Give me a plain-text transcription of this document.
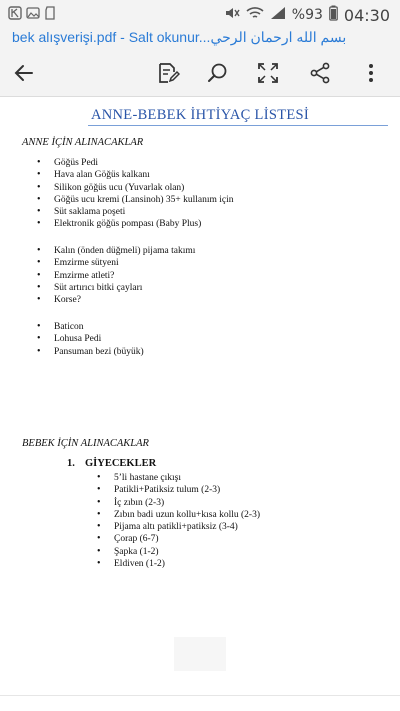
%93 04:30
bek alışverişi.pdf - Salt okunur...بسم الله ارحمان الرحي
ANNE-BEBEK İHTİYAÇ LİSTESİ
ANNE İÇİN ALINACAKLAR
• Göğüs Pedi
• Hava alan Göğüs kalkanı
• Silikon göğüs ucu (Yuvarlak olan)
• Göğüs ucu kremi (Lansinoh) 35+ kullanım için
• Süt saklama poşeti
• Elektronik göğüs pompası (Baby Plus)
• Kalın (önden düğmeli) pijama takımı
• Emzirme sütyeni
• Emzirme atleti?
• Süt artırıcı bitki çayları
• Korse?
• Baticon
• Lohusa Pedi
• Pansuman bezi (büyük)
BEBEK İÇİN ALINACAKLAR
1. GİYECEKLER
• 5’li hastane çıkışı
• Patikli+Patiksiz tulum (2-3)
• İç zıbın (2-3)
• Zıbın badi uzun kollu+kısa kollu (2-3)
• Pijama altı patikli+patiksiz (3-4)
• Çorap (6-7)
• Şapka (1-2)
• Eldiven (1-2)
